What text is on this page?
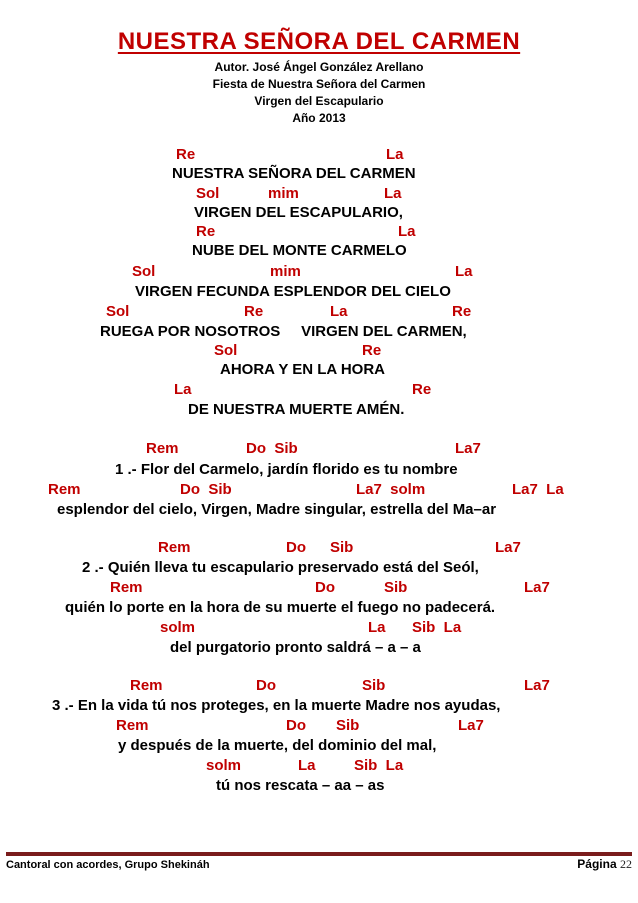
NUESTRA SEÑORA DEL CARMEN
Autor. José Ángel González Arellano
Fiesta de Nuestra Señora del Carmen
Virgen del Escapulario
Año 2013
Re	La
NUESTRA SEÑORA DEL CARMEN
Sol	mim	La
VIRGEN DEL ESCAPULARIO,
Re	La
NUBE DEL MONTE CARMELO
Sol	mim	La
VIRGEN FECUNDA ESPLENDOR DEL CIELO
Sol	Re	La	Re
RUEGA POR NOSOTROS     VIRGEN DEL CARMEN,
Sol	Re
AHORA Y EN LA HORA
La	Re
DE NUESTRA MUERTE AMÉN.
Rem	Do  Sib	La7
1 .- Flor del Carmelo, jardín florido es tu nombre
Rem	Do  Sib	La7  solm	La7  La
esplendor del cielo, Virgen, Madre singular, estrella del Ma–ar
Rem	Do Sib	La7
2 .- Quién lleva tu escapulario preservado está del Seól,
Rem	Do	Sib	La7
quién lo porte en la hora de su muerte el fuego no padecerá.
solm	La Sib  La
del purgatorio pronto saldrá – a – a
Rem	Do	Sib	La7
3 .- En la vida tú nos proteges, en la muerte Madre nos ayudas,
Rem	Do Sib	La7
y después de la muerte, del dominio del mal,
solm	La	Sib  La
tú nos rescata – aa – as
Cantoral con acordes, Grupo Shekináh	Página 22
